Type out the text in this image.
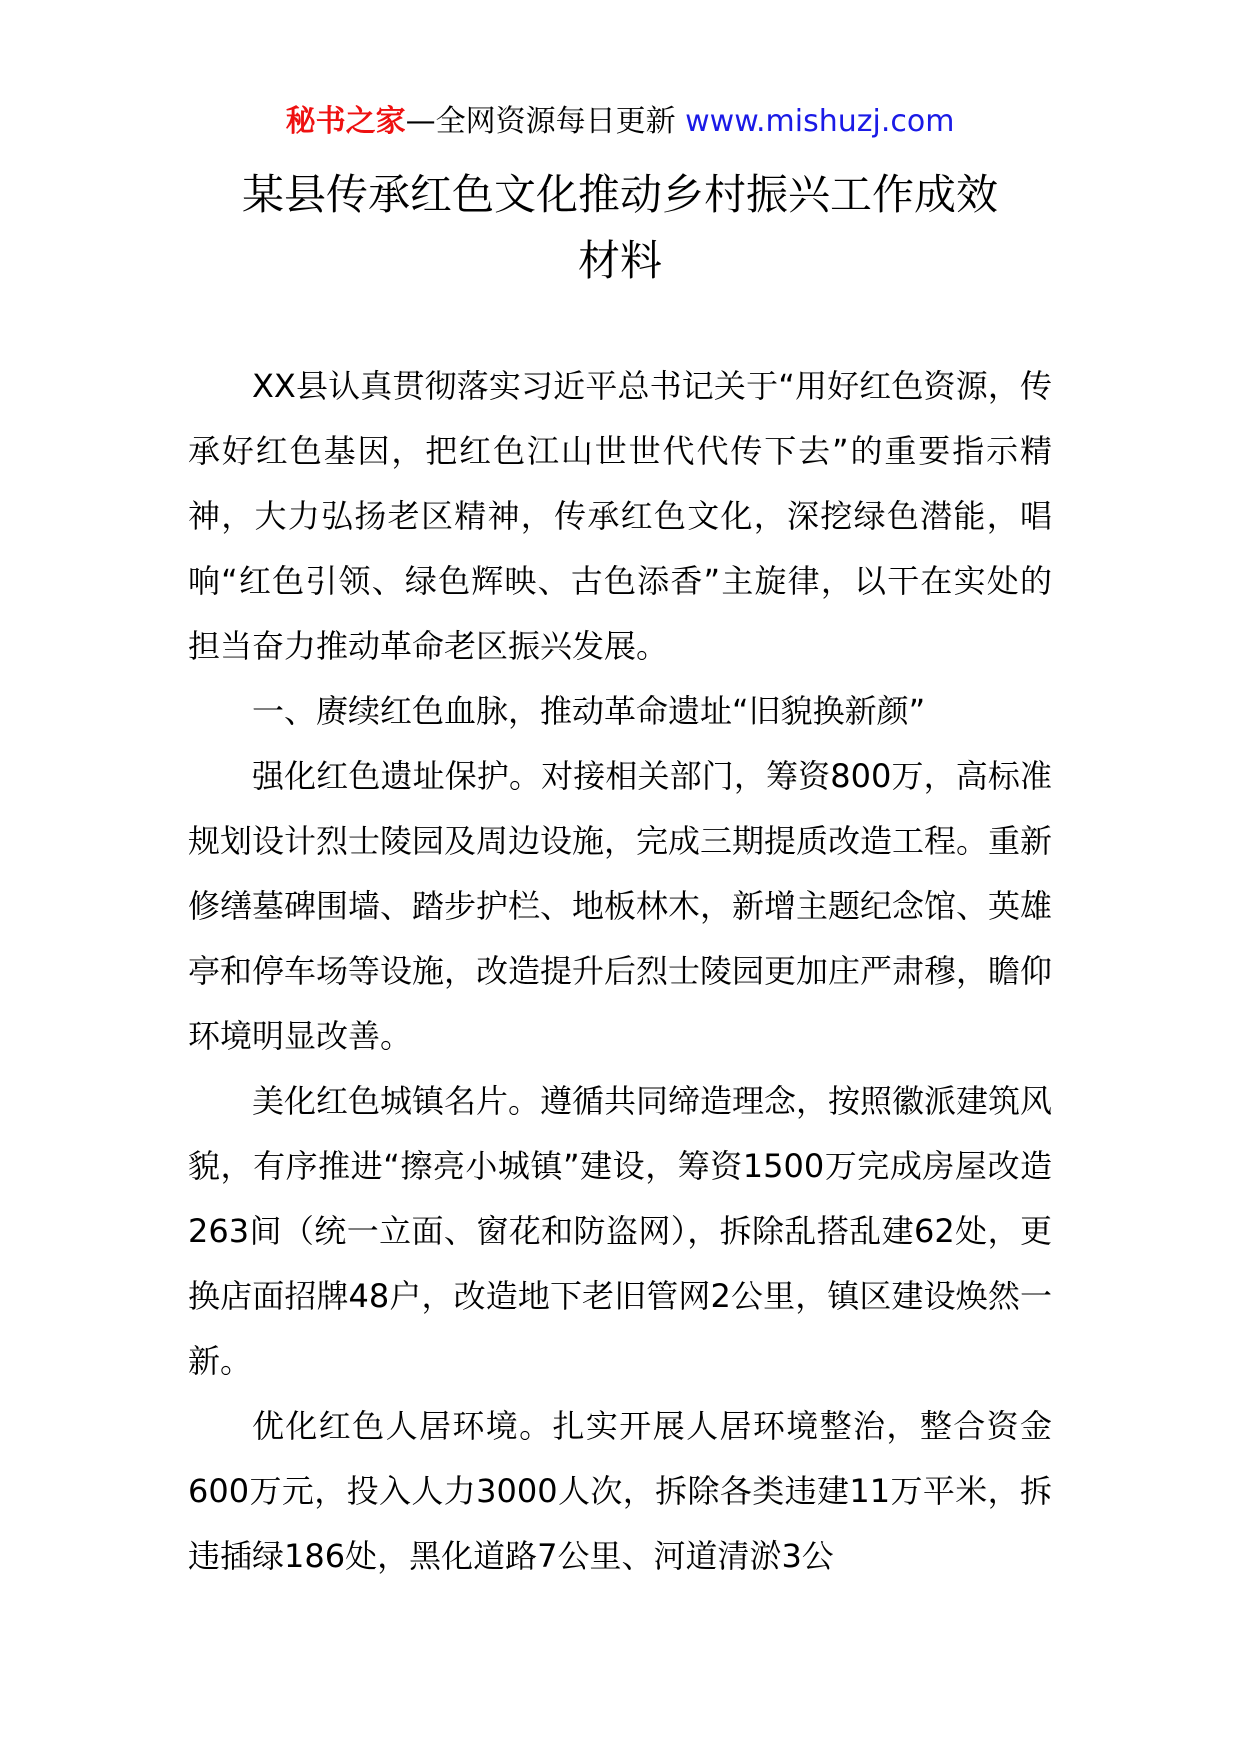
秘书之家—全网资源每日更新 www.mishuzj.com
某县传承红色文化推动乡村振兴工作成效
材料

XX县认真贯彻落实习近平总书记关于“用好红色资源，传承好红色基因，把红色江山世世代代传下去”的重要指示精神，大力弘扬老区精神，传承红色文化，深挖绿色潜能，唱响“红色引领、绿色辉映、古色添香”主旋律，以干在实处的担当奋力推动革命老区振兴发展。

一、赓续红色血脉，推动革命遗址“旧貌换新颜”

强化红色遗址保护。对接相关部门，筹资800万，高标准规划设计烈士陵园及周边设施，完成三期提质改造工程。重新修缮墓碑围墙、踏步护栏、地板林木，新增主题纪念馆、英雄亭和停车场等设施，改造提升后烈士陵园更加庄严肃穆，瞻仰环境明显改善。

美化红色城镇名片。遵循共同缔造理念，按照徽派建筑风貌，有序推进“擦亮小城镇”建设，筹资1500万完成房屋改造263间（统一立面、窗花和防盗网），拆除乱搭乱建62处，更换店面招牌48户，改造地下老旧管网2公里，镇区建设焕然一新。

优化红色人居环境。扎实开展人居环境整治，整合资金600万元，投入人力3000人次，拆除各类违建11万平米，拆违插绿186处，黑化道路7公里、河道清淤3公
